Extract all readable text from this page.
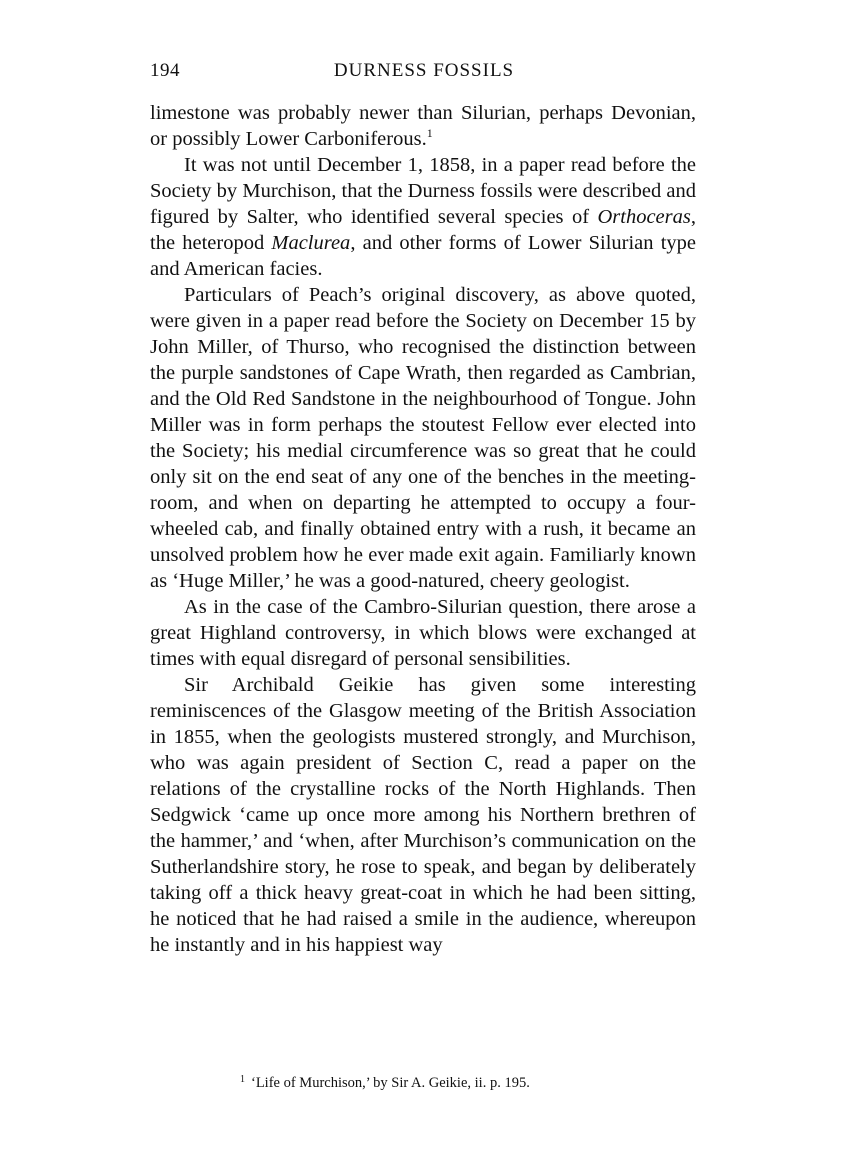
194	DURNESS FOSSILS

limestone was probably newer than Silurian, perhaps Devonian, or possibly Lower Carboniferous.$^1$

It was not until December 1, 1858, in a paper read before the Society by Murchison, that the Durness fossils were described and figured by Salter, who identified several species of Orthoceras, the heteropod Maclurea, and other forms of Lower Silurian type and American facies.

Particulars of Peach’s original discovery, as above quoted, were given in a paper read before the Society on December 15 by John Miller, of Thurso, who recognised the distinction between the purple sandstones of Cape Wrath, then regarded as Cambrian, and the Old Red Sandstone in the neighbourhood of Tongue. John Miller was in form perhaps the stoutest Fellow ever elected into the Society; his medial circumference was so great that he could only sit on the end seat of any one of the benches in the meeting-room, and when on departing he attempted to occupy a four-wheeled cab, and finally obtained entry with a rush, it became an unsolved problem how he ever made exit again. Familiarly known as ‘Huge Miller,’ he was a good-natured, cheery geologist.

As in the case of the Cambro-Silurian question, there arose a great Highland controversy, in which blows were exchanged at times with equal disregard of personal sensibilities.

Sir Archibald Geikie has given some interesting reminiscences of the Glasgow meeting of the British Association in 1855, when the geologists mustered strongly, and Murchison, who was again president of Section C, read a paper on the relations of the crystalline rocks of the North Highlands. Then Sedgwick ‘came up once more among his Northern brethren of the hammer,’ and ‘when, after Murchison’s communication on the Sutherlandshire story, he rose to speak, and began by deliberately taking off a thick heavy great-coat in which he had been sitting, he noticed that he had raised a smile in the audience, whereupon he instantly and in his happiest way

$^1$ ‘Life of Murchison,’ by Sir A. Geikie, ii. p. 195.
